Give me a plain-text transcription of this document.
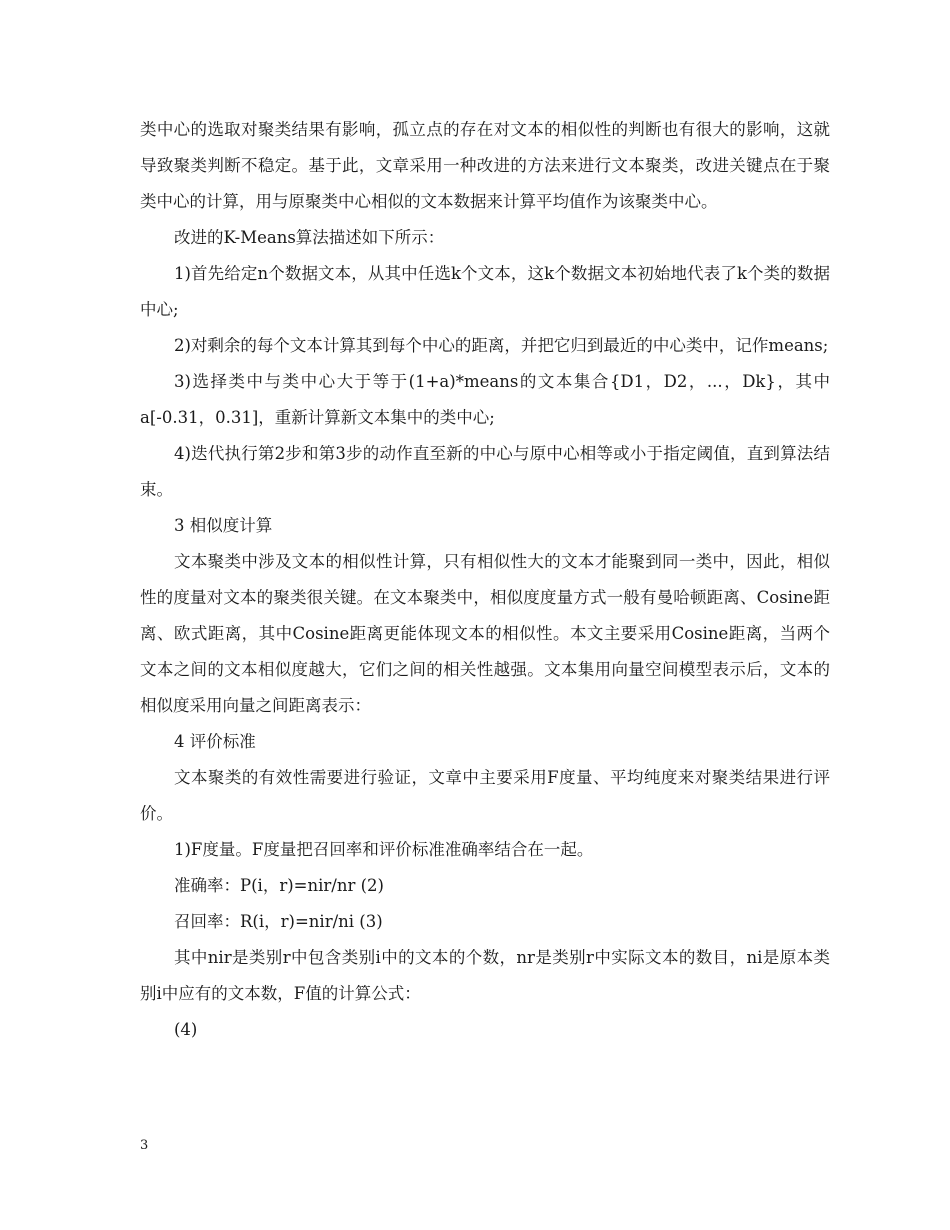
类中心的选取对聚类结果有影响，孤立点的存在对文本的相似性的判断也有很大的影响，这就导致聚类判断不稳定。基于此，文章采用一种改进的方法来进行文本聚类，改进关键点在于聚类中心的计算，用与原聚类中心相似的文本数据来计算平均值作为该聚类中心。

改进的K-Means算法描述如下所示：

1)首先给定n个数据文本，从其中任选k个文本，这k个数据文本初始地代表了k个类的数据中心;

2)对剩余的每个文本计算其到每个中心的距离，并把它归到最近的中心类中，记作means;

3)选择类中与类中心大于等于(1+a)*means的文本集合{D1，D2，...，Dk}，其中a[-0.31，0.31]，重新计算新文本集中的类中心;

4)迭代执行第2步和第3步的动作直至新的中心与原中心相等或小于指定阈值，直到算法结束。

3 相似度计算

文本聚类中涉及文本的相似性计算，只有相似性大的文本才能聚到同一类中，因此，相似性的度量对文本的聚类很关键。在文本聚类中，相似度度量方式一般有曼哈顿距离、Cosine距离、欧式距离，其中Cosine距离更能体现文本的相似性。本文主要采用Cosine距离，当两个文本之间的文本相似度越大，它们之间的相关性越强。文本集用向量空间模型表示后，文本的相似度采用向量之间距离表示：

4 评价标准

文本聚类的有效性需要进行验证，文章中主要采用F度量、平均纯度来对聚类结果进行评价。

1)F度量。F度量把召回率和评价标准准确率结合在一起。

准确率：P(i，r)=nir/nr (2)

召回率：R(i，r)=nir/ni (3)

其中nir是类别r中包含类别i中的文本的个数，nr是类别r中实际文本的数目，ni是原本类别i中应有的文本数，F值的计算公式：

(4)

3
